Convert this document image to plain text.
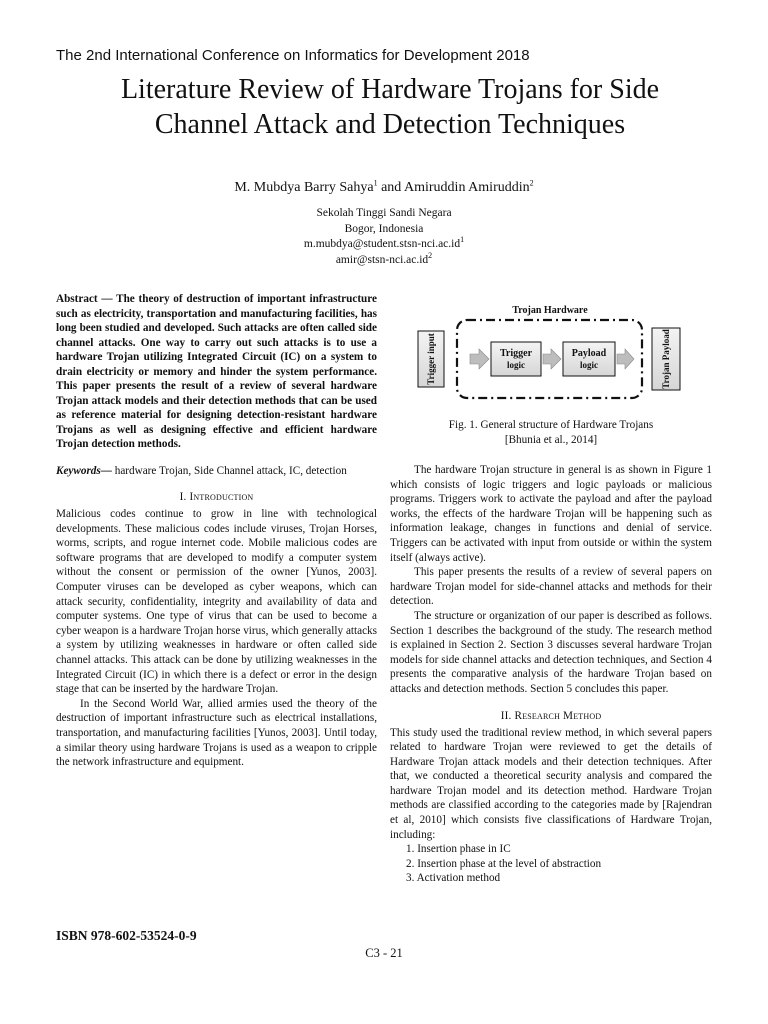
The 2nd International Conference on Informatics for Development 2018
Literature Review of Hardware Trojans for Side
Channel Attack and Detection Techniques
M. Mubdya Barry Sahya$^1$ and Amiruddin Amiruddin$^2$
Sekolah Tinggi Sandi Negara
Bogor, Indonesia
$m.mubdya@student.stsn-nci.ac.id^1$
$amir@stsn-nci.ac.id^2$

Abstract — The theory of destruction of important infrastructure such as electricity, transportation and manufacturing facilities, has long been studied and developed. Such attacks are often called side channel attacks. One way to carry out such attacks is to use a hardware Trojan utilizing Integrated Circuit (IC) on a system to drain electricity or memory and hinder the system performance. This paper presents the result of a review of several hardware Trojan attack models and their detection methods that can be used as reference material for designing detection-resistant hardware Trojans as well as designing effective and efficient hardware Trojan detection methods.

Keywords— hardware Trojan, Side Channel attack, IC, detection

I. Introduction

Malicious codes continue to grow in line with technological developments. These malicious codes include viruses, Trojan Horses, worms, scripts, and rogue internet code. Mobile malicious codes are software programs that are developed to modify a computer system without the consent or permission of the owner [Yunos, 2003]. Computer viruses can be developed as cyber weapons, which can attack security, confidentiality, integrity and availability of data and computer systems. One type of virus that can be used to become a cyber weapon is a hardware Trojan horse virus, which generally attacks a system by utilizing weaknesses in hardware or often called side channel attacks. This attack can be done by utilizing weaknesses in the Integrated Circuit (IC) in which there is a defect or error in the design stage that can be inserted by the hardware Trojan.

In the Second World War, allied armies used the theory of the destruction of important infrastructure such as electrical installations, transportation, and manufacturing facilities [Yunos, 2003]. Until today, a similar theory using hardware Trojans is used as a weapon to cripple the network infrastructure and equipment.

Trojan Hardware
Trigger input	Trigger
logic
Payload
logic	Trojan Payload
Fig. 1. General structure of Hardware Trojans
[Bhunia et al., 2014]

The hardware Trojan structure in general is as shown in Figure 1 which consists of logic triggers and logic payloads or malicious programs. Triggers work to activate the payload and after the payload works, the effects of the hardware Trojan will be happening such as information leakage, changes in functions and denial of service. Triggers can be activated with input from outside or within the system itself (always active).

This paper presents the results of a review of several papers on hardware Trojan model for side-channel attacks and methods for their detection.

The structure or organization of our paper is described as follows. Section 1 describes the background of the study. The research method is explained in Section 2. Section 3 discusses several hardware Trojan models for side channel attacks and detection techniques, and Section 4 presents the comparative analysis of the hardware Trojan based on attacks and detection methods. Section 5 concludes this paper.

II. Research Method

This study used the traditional review method, in which several papers related to hardware Trojan were reviewed to get the details of Hardware Trojan attack models and their detection techniques. After that, we conducted a theoretical security analysis and compared the hardware Trojan model and its detection method. Hardware Trojan methods are classified according to the categories made by [Rajendran et al, 2010] which consists five classifications of Hardware Trojan, including:

1. Insertion phase in IC
2. Insertion phase at the level of abstraction
3. Activation method
ISBN 978-602-53524-0-9
C3 - 21
